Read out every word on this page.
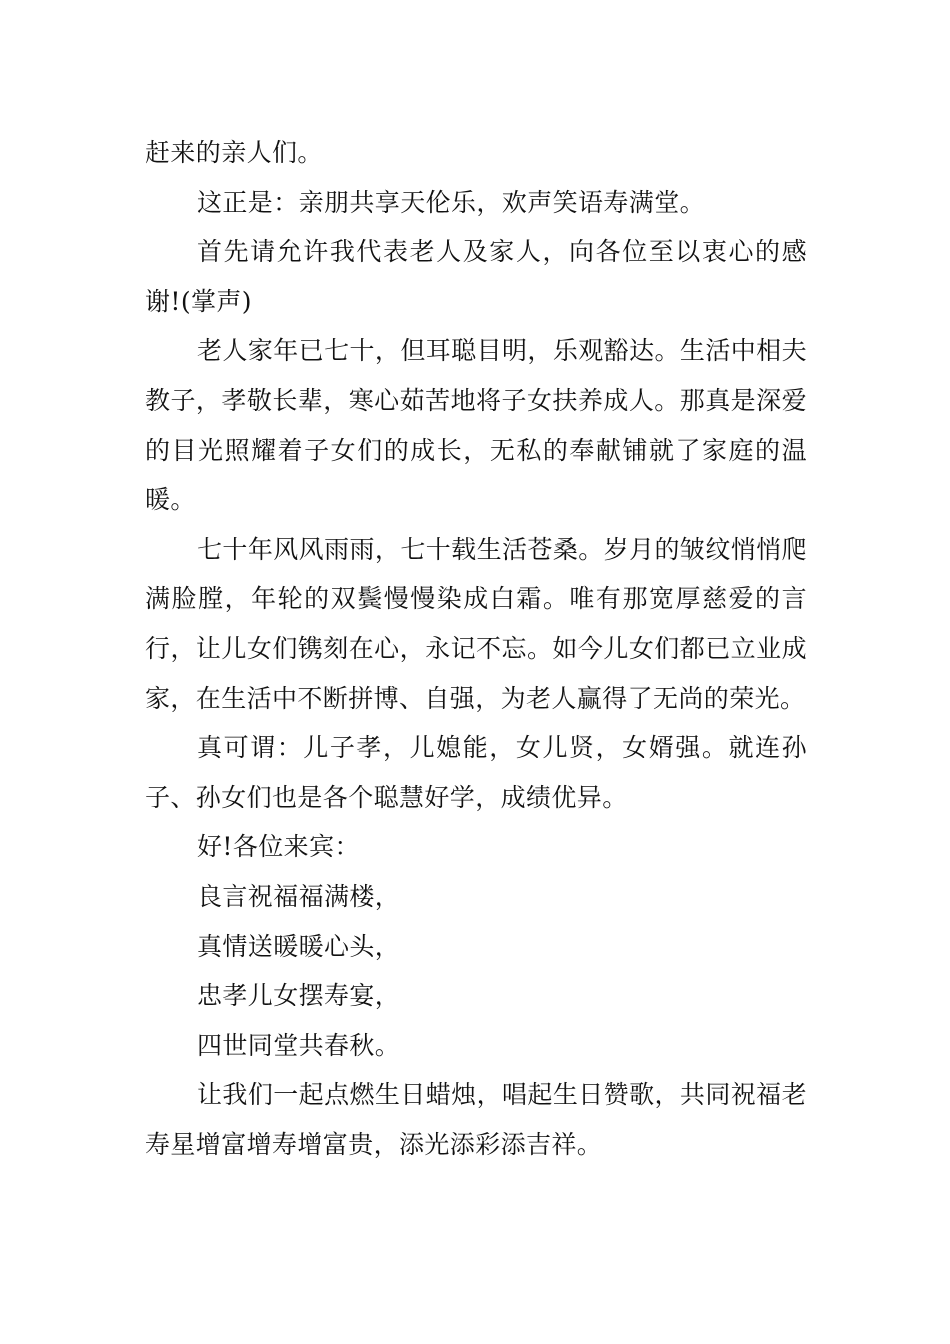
赶来的亲人们。

这正是：亲朋共享天伦乐，欢声笑语寿满堂。

首先请允许我代表老人及家人，向各位至以衷心的感谢!(掌声)

老人家年已七十，但耳聪目明，乐观豁达。生活中相夫教子，孝敬长辈，寒心茹苦地将子女扶养成人。那真是深爱的目光照耀着子女们的成长，无私的奉献铺就了家庭的温暖。

七十年风风雨雨，七十载生活苍桑。岁月的皱纹悄悄爬满脸膛，年轮的双鬓慢慢染成白霜。唯有那宽厚慈爱的言行，让儿女们镌刻在心，永记不忘。如今儿女们都已立业成家，在生活中不断拼博、自强，为老人赢得了无尚的荣光。

真可谓：儿子孝，儿媳能，女儿贤，女婿强。就连孙子、孙女们也是各个聪慧好学，成绩优异。

好!各位来宾：

良言祝福福满楼，

真情送暖暖心头，

忠孝儿女摆寿宴，

四世同堂共春秋。

让我们一起点燃生日蜡烛，唱起生日赞歌，共同祝福老寿星增富增寿增富贵，添光添彩添吉祥。
